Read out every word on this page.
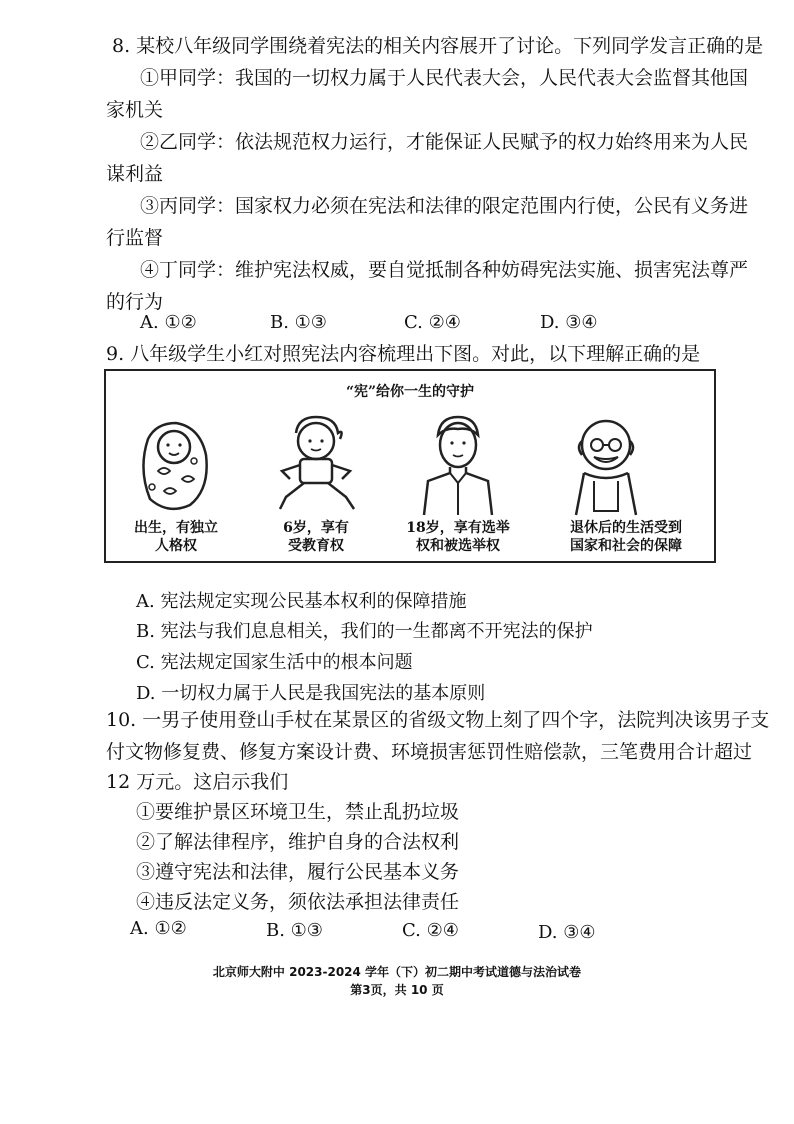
8. 某校八年级同学围绕着宪法的相关内容展开了讨论。下列同学发言正确的是
①甲同学：我国的一切权力属于人民代表大会，人民代表大会监督其他国
家机关
②乙同学：依法规范权力运行，才能保证人民赋予的权力始终用来为人民
谋利益
③丙同学：国家权力必须在宪法和法律的限定范围内行使，公民有义务进
行监督
④丁同学：维护宪法权威，要自觉抵制各种妨碍宪法实施、损害宪法尊严
的行为
A. ①②	B. ①③	C. ②④	D. ③④
9. 八年级学生小红对照宪法内容梳理出下图。对此，以下理解正确的是
“宪”给你一生的守护
出生，有独立
人格权
6岁，享有
受教育权
18岁，享有选举
权和被选举权
退休后的生活受到
国家和社会的保障
A. 宪法规定实现公民基本权利的保障措施
B. 宪法与我们息息相关，我们的一生都离不开宪法的保护
C. 宪法规定国家生活中的根本问题
D. 一切权力属于人民是我国宪法的基本原则
10. 一男子使用登山手杖在某景区的省级文物上刻了四个字，法院判决该男子支
付文物修复费、修复方案设计费、环境损害惩罚性赔偿款，三笔费用合计超过
12 万元。这启示我们
①要维护景区环境卫生，禁止乱扔垃圾
②了解法律程序，维护自身的合法权利
③遵守宪法和法律，履行公民基本义务
④违反法定义务，须依法承担法律责任
A. ①②	B. ①③	C. ②④	D. ③④
北京师大附中 2023-2024 学年（下）初二期中考试道德与法治试卷
第3页，共 10 页
